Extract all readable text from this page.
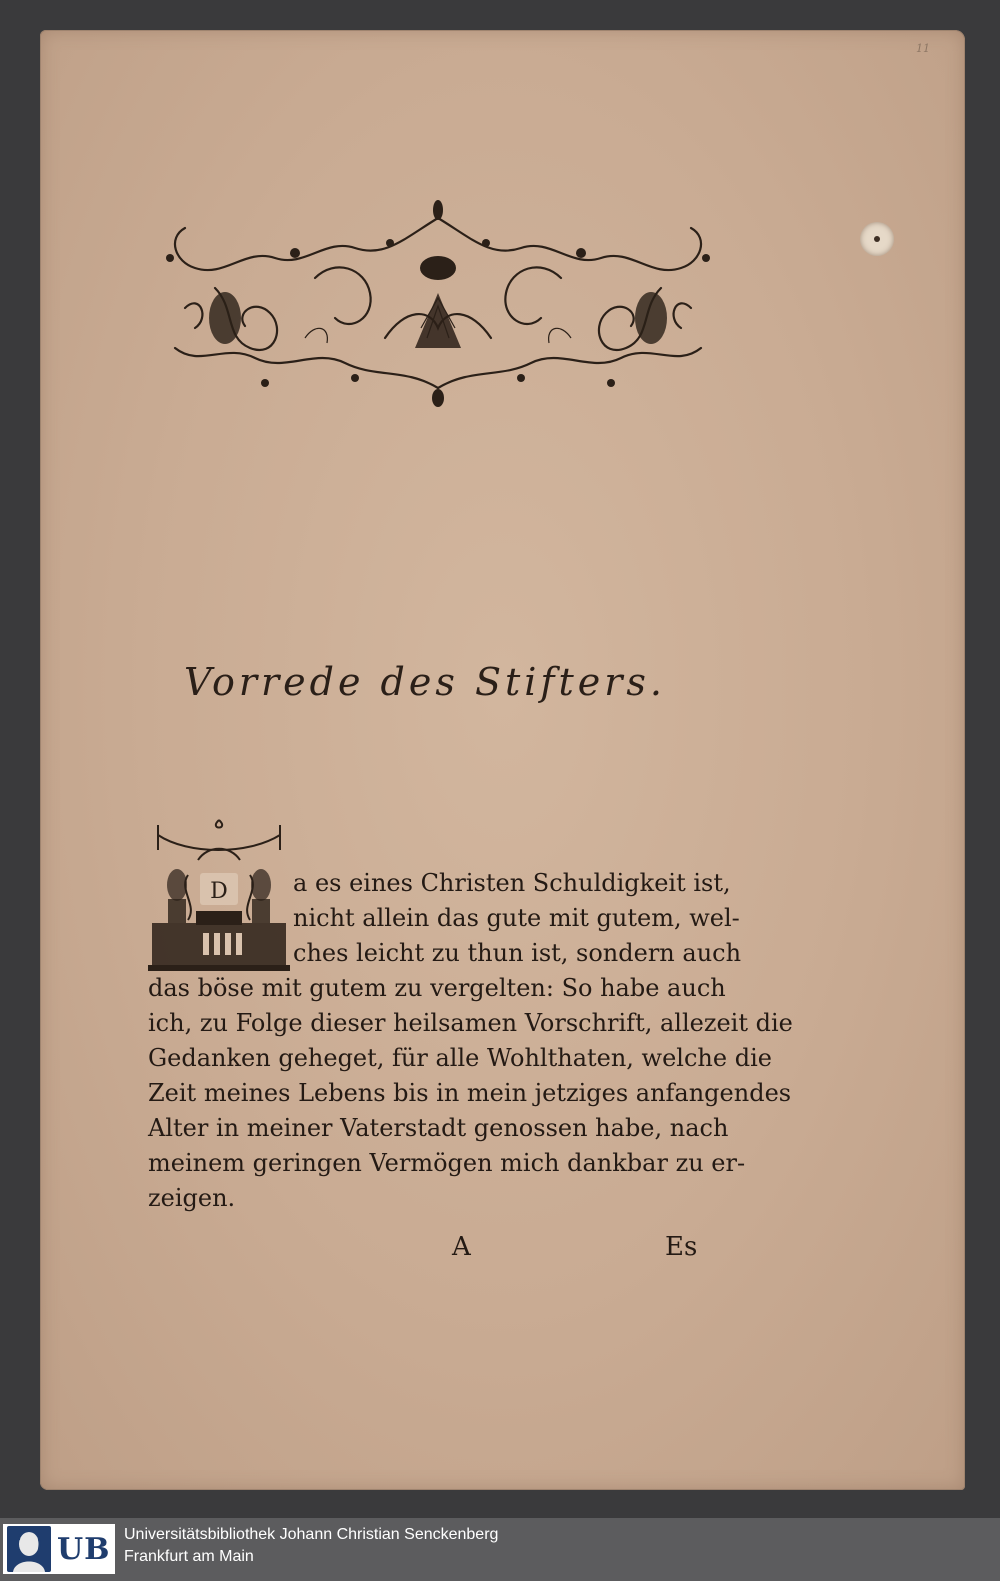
11
Vorrede des Stifters.
D	a es eines Christen Schuldigkeit ist,
nicht allein das gute mit gutem, wel-
ches leicht zu thun ist, sondern auch
das böse mit gutem zu vergelten: So habe auch
ich, zu Folge dieser heilsamen Vorschrift, allezeit die
Gedanken geheget, für alle Wohlthaten, welche die
Zeit meines Lebens bis in mein jetziges anfangendes
Alter in meiner Vaterstadt genossen habe, nach
meinem geringen Vermögen mich dankbar zu er-
zeigen.
A	Es
UB Universitätsbibliothek Johann Christian Senckenberg
Frankfurt am Main
